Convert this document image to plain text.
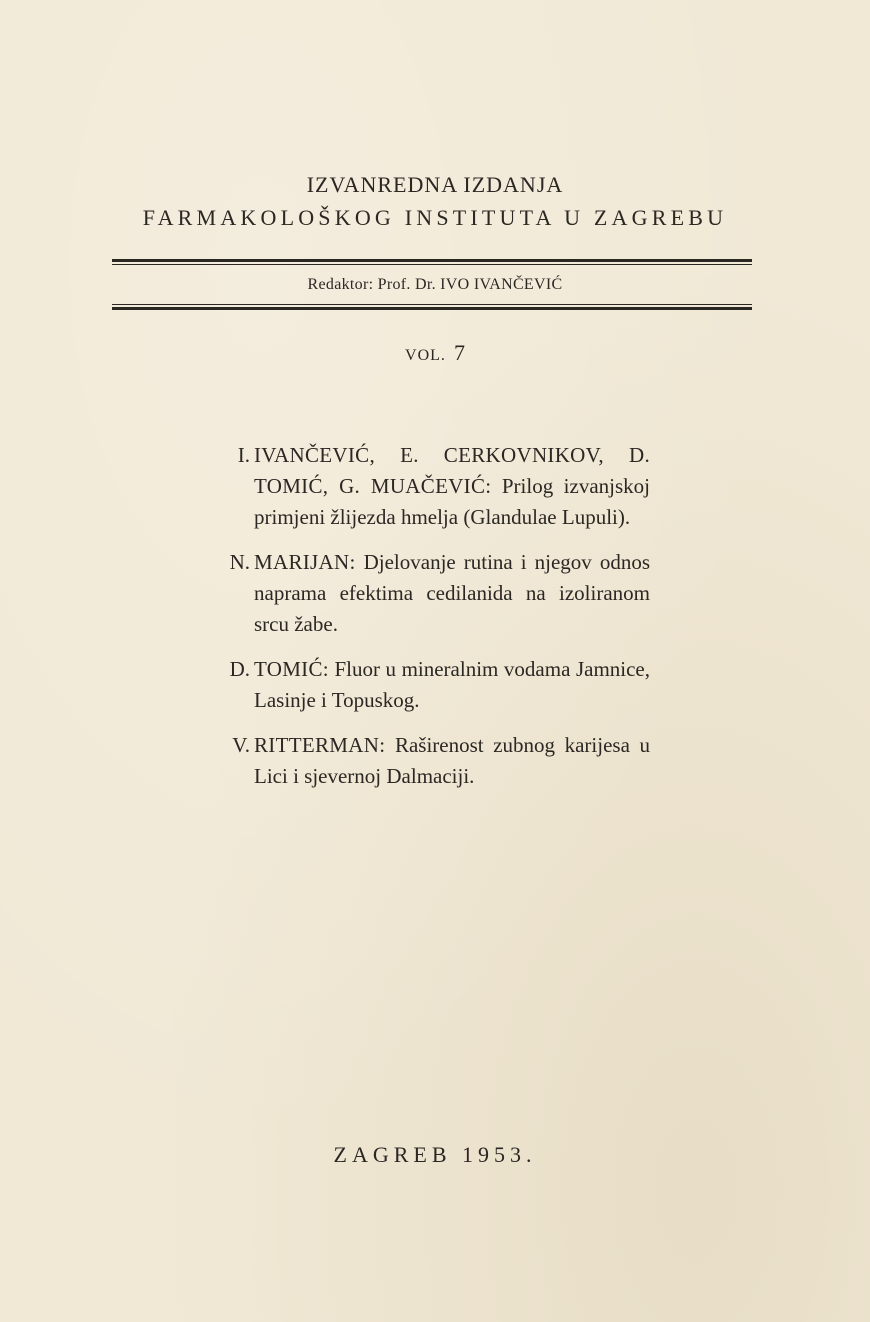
IZVANREDNA IZDANJA
FARMAKOLOŠKOG INSTITUTA U ZAGREBU
Redaktor: Prof. Dr. IVO IVANČEVIĆ
VOL. 7
I. IVANČEVIĆ, E. CERKOVNIKOV, D. TOMIĆ, G. MUAČEVIĆ: Prilog izvanjskoj primjeni žlijezda hmelja (Glandulae Lupuli).
N. MARIJAN: Djelovanje rutina i njegov odnos naprama efektima cedilanida na izoliranom srcu žabe.
D. TOMIĆ: Fluor u mineralnim vodama Jamnice, Lasinje i Topuskog.
V. RITTERMAN: Raširenost zubnog karijesa u Lici i sjevernoj Dalmaciji.
ZAGREB 1953.
